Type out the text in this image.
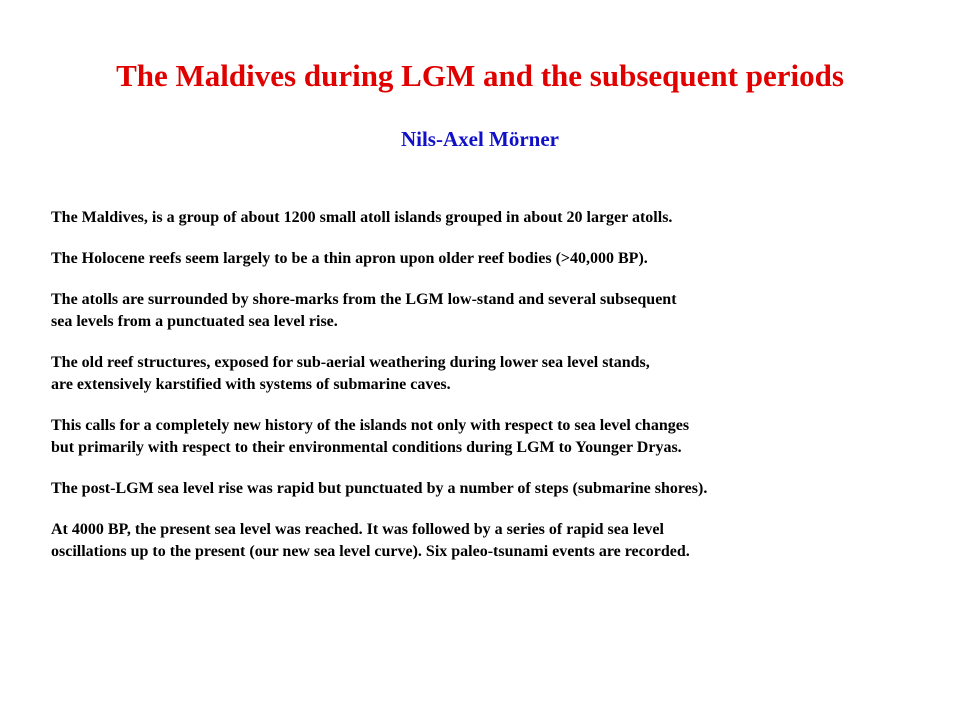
The Maldives during LGM and the subsequent periods
Nils-Axel Mörner

The Maldives, is a group of about 1200 small atoll islands grouped in about 20 larger atolls.

The Holocene reefs seem largely to be a thin apron upon older reef bodies (>40,000 BP).

The atolls are surrounded by shore-marks from the LGM low-stand and several subsequent
sea levels from a punctuated sea level rise.

The old reef structures, exposed for sub-aerial weathering during lower sea level stands,
are extensively karstified with systems of submarine caves.

This calls for a completely new history of the islands not only with respect to sea level changes
but primarily with respect to their environmental conditions during LGM to Younger Dryas.

The post-LGM sea level rise was rapid but punctuated by a number of steps (submarine shores).

At 4000 BP, the present sea level was reached. It was followed by a series of rapid sea level
oscillations up to the present (our new sea level curve). Six paleo-tsunami events are recorded.
